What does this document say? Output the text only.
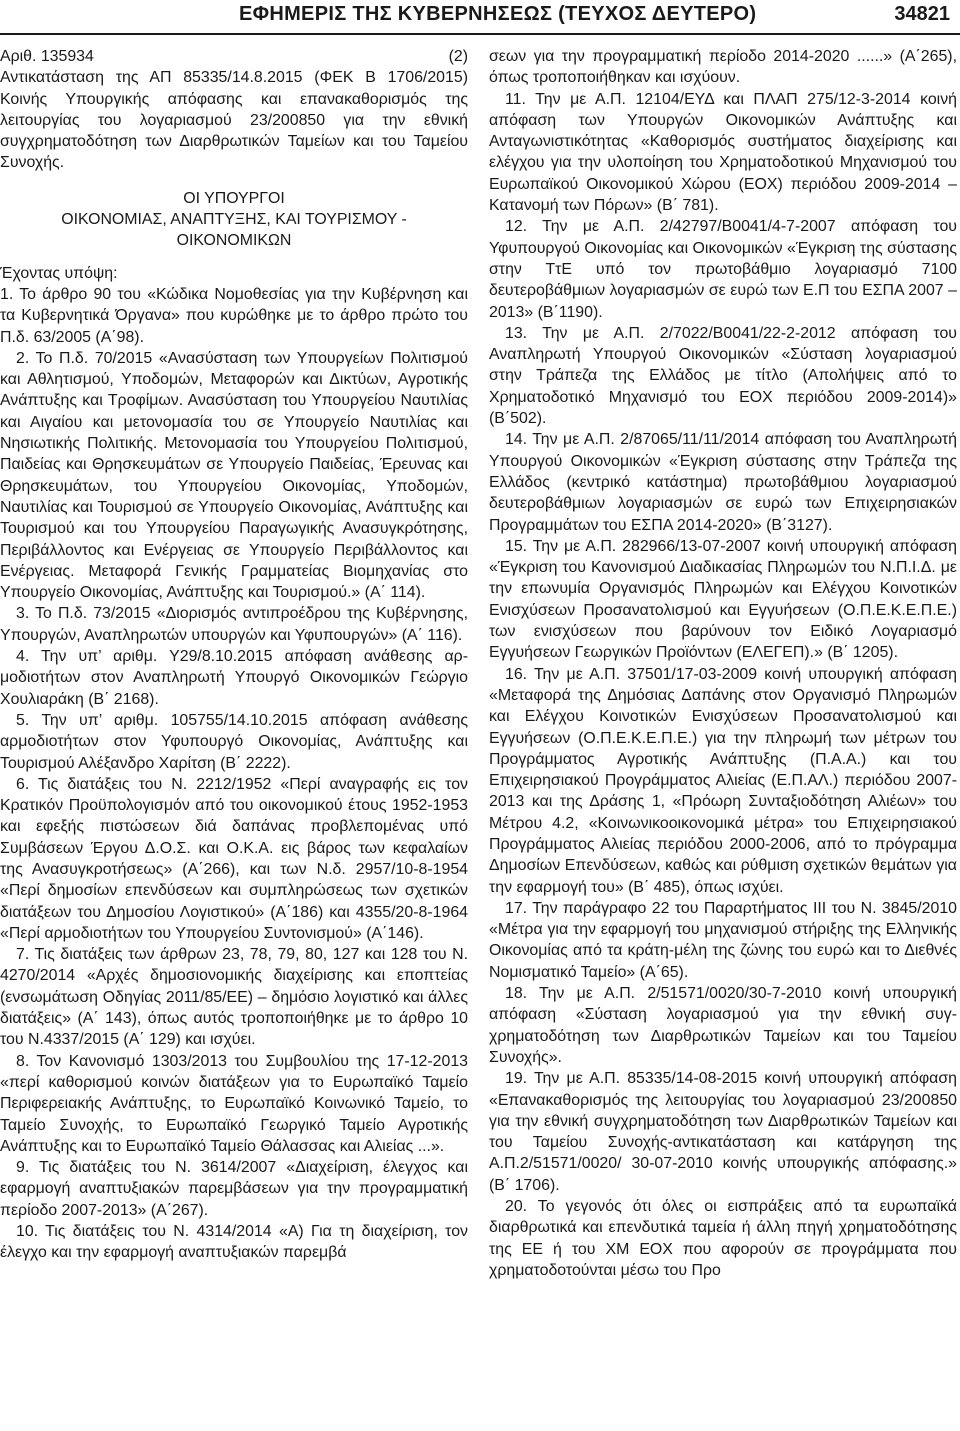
ΕΦΗΜΕΡΙΣ ΤΗΣ ΚΥΒΕΡΝΗΣΕΩΣ (ΤΕΥΧΟΣ ΔΕΥΤΕΡΟ)	34821
Αριθ. 135934	(2)

Αντικατάσταση της ΑΠ 85335/14.8.2015 (ΦΕΚ Β 1706/2015) Κοινής Υπουργικής απόφασης και επανακαθορισμός της λειτουργίας του λογαριασμού 23/200850 για την εθνική συγχρηματοδότηση των Διαρθρωτικών Ταμείων και του Ταμείου Συνοχής.

ΟΙ ΥΠΟΥΡΓΟΙ
ΟΙΚΟΝΟΜΙΑΣ, ΑΝΑΠΤΥΞΗΣ, ΚΑΙ ΤΟΥΡΙΣΜΟΥ -
ΟΙΚΟΝΟΜΙΚΩΝ

Έχοντας υπόψη:

1. Το άρθρο 90 του «Κώδικα Νομοθεσίας για την Κυβέρνηση και τα Κυβερνητικά Όργανα» που κυρώθηκε με το άρθρο πρώτο του Π.δ. 63/2005 (Α΄98).

2. Το Π.δ. 70/2015 «Ανασύσταση των Υπουργείων Πολιτισμού και Αθλητισμού, Υποδομών, Μεταφορών και Δικτύων, Αγροτικής Ανάπτυξης και Τροφίμων. Ανασύσταση του Υπουργείου Ναυτιλίας και Αιγαίου και μετονομασία του σε Υπουργείο Ναυτιλίας και Νησιωτικής Πολιτικής. Μετονομασία του Υπουργείου Πολιτισμού, Παιδείας και Θρησκευμάτων σε Υπουργείο Παιδείας, Έρευνας και Θρησκευμάτων, του Υπουργείου Οικονομίας, Υποδομών, Ναυτιλίας και Τουρισμού σε Υπουργείο Οικονομίας, Ανάπτυξης και Τουρισμού και του Υπουργείου Παραγωγικής Ανασυγκρότησης, Περιβάλλοντος και Ενέργειας σε Υπουργείο Περιβάλλοντος και Ενέργειας. Μεταφορά Γενικής Γραμματείας Βιομηχανίας στο Υπουργείο Οικονομίας, Ανάπτυξης και Τουρισμού.» (Α΄ 114).

3. Το Π.δ. 73/2015 «Διορισμός αντιπροέδρου της Κυβέρνησης, Υπουργών, Αναπληρωτών υπουργών και Υφυπουργών» (Α΄ 116).

4. Την υπ’ αριθμ. Υ29/8.10.2015 απόφαση ανάθεσης αρμοδιοτήτων στον Αναπληρωτή Υπουργό Οικονομικών Γεώργιο Χουλιαράκη (Β΄ 2168).

5. Την υπ’ αριθμ. 105755/14.10.2015 απόφαση ανάθεσης αρμοδιοτήτων στον Υφυπουργό Οικονομίας, Ανάπτυξης και Τουρισμού Αλέξανδρο Χαρίτση (Β΄ 2222).

6. Τις διατάξεις του Ν. 2212/1952 «Περί αναγραφής εις τον Κρατικόν Προϋπολογισμόν από του οικονομικού έτους 1952-1953 και εφεξής πιστώσεων διά δαπάνας προβλεπομένας υπό Συμβάσεων Έργου Δ.Ο.Σ. και Ο.Κ.Α. εις βάρος των κεφαλαίων της Ανασυγκροτήσεως» (Α΄266), και των Ν.δ. 2957/10-8-1954 «Περί δημοσίων επενδύσεων και συμπληρώσεως των σχετικών διατάξεων του Δημοσίου Λογιστικού» (Α΄186) και 4355/20-8-1964 «Περί αρμοδιοτήτων του Υπουργείου Συντονισμού» (Α΄146).

7. Τις διατάξεις των άρθρων 23, 78, 79, 80, 127 και 128 του Ν. 4270/2014 «Αρχές δημοσιονομικής διαχείρισης και εποπτείας (ενσωμάτωση Οδηγίας 2011/85/ΕΕ) – δημόσιο λογιστικό και άλλες διατάξεις» (Α΄ 143), όπως αυτός τροποποιήθηκε με το άρθρο 10 του Ν.4337/2015 (Α΄ 129) και ισχύει.

8. Τον Κανονισμό 1303/2013 του Συμβουλίου της 17-12-2013 «περί καθορισμού κοινών διατάξεων για το Ευρωπαϊκό Ταμείο Περιφερειακής Ανάπτυξης, το Ευρωπαϊκό Κοινωνικό Ταμείο, το Ταμείο Συνοχής, το Ευρωπαϊκό Γεωργικό Ταμείο Αγροτικής Ανάπτυξης και το Ευρωπαϊκό Ταμείο Θάλασσας και Αλιείας ...».

9. Τις διατάξεις του Ν. 3614/2007 «Διαχείριση, έλεγχος και εφαρμογή αναπτυξιακών παρεμβάσεων για την προγραμματική περίοδο 2007-2013» (Α΄267).

10. Τις διατάξεις του Ν. 4314/2014 «Α) Για τη διαχείριση, τον έλεγχο και την εφαρμογή αναπτυξιακών παρεμβά

σεων για την προγραμματική περίοδο 2014-2020 ......» (Α΄265), όπως τροποποιήθηκαν και ισχύουν.

11. Την με Α.Π. 12104/ΕΥΔ και ΠΛΑΠ 275/12-3-2014 κοινή απόφαση των Υπουργών Οικονομικών Ανάπτυξης και Ανταγωνιστικότητας «Καθορισμός συστήματος διαχείρισης και ελέγχου για την υλοποίηση του Χρηματοδοτικού Μηχανισμού του Ευρωπαϊκού Οικονομικού Χώρου (ΕΟΧ) περιόδου 2009-2014 – Κατανομή των Πόρων» (Β΄ 781).

12. Την με Α.Π. 2/42797/Β0041/4-7-2007 απόφαση του Υφυπουργού Οικονομίας και Οικονομικών «Έγκριση της σύστασης στην ΤτΕ υπό τον πρωτοβάθμιο λογαριασμό 7100 δευτεροβάθμιων λογαριασμών σε ευρώ των Ε.Π του ΕΣΠΑ 2007 – 2013» (Β΄1190).

13. Την με Α.Π. 2/7022/Β0041/22-2-2012 απόφαση του Αναπληρωτή Υπουργού Οικονομικών «Σύσταση λογαριασμού στην Τράπεζα της Ελλάδος με τίτλο (Απολήψεις από το Χρηματοδοτικό Μηχανισμό του ΕΟΧ περιόδου 2009-2014)» (Β΄502).

14. Την με Α.Π. 2/87065/11/11/2014 απόφαση του Αναπληρωτή Υπουργού Οικονομικών «Έγκριση σύστασης στην Τράπεζα της Ελλάδος (κεντρικό κατάστημα) πρωτοβάθμιου λογαριασμού δευτεροβάθμιων λογαριασμών σε ευρώ των Επιχειρησιακών Προγραμμάτων του ΕΣΠΑ 2014-2020» (Β΄3127).

15. Την με Α.Π. 282966/13-07-2007 κοινή υπουργική απόφαση «Έγκριση του Κανονισμού Διαδικασίας Πληρωμών του Ν.Π.Ι.Δ. με την επωνυμία Οργανισμός Πληρωμών και Ελέγχου Κοινοτικών Ενισχύσεων Προσανατολισμού και Εγγυήσεων (Ο.Π.Ε.Κ.Ε.Π.Ε.) των ενισχύσεων που βαρύνουν τον Ειδικό Λογαριασμό Εγγυήσεων Γεωργικών Προϊόντων (ΕΛΕΓΕΠ).» (Β΄ 1205).

16. Την με Α.Π. 37501/17-03-2009 κοινή υπουργική απόφαση «Μεταφορά της Δημόσιας Δαπάνης στον Οργανισμό Πληρωμών και Ελέγχου Κοινοτικών Ενισχύσεων Προσανατολισμού και Εγγυήσεων (Ο.Π.Ε.Κ.Ε.Π.Ε.) για την πληρωμή των μέτρων του Προγράμματος Αγροτικής Ανάπτυξης (Π.Α.Α.) και του Επιχειρησιακού Προγράμματος Αλιείας (Ε.Π.ΑΛ.) περιόδου 2007-2013 και της Δράσης 1, «Πρόωρη Συνταξιοδότηση Αλιέων» του Μέτρου 4.2, «Κοινωνικοοικονομικά μέτρα» του Επιχειρησιακού Προγράμματος Αλιείας περιόδου 2000-2006, από το πρόγραμμα Δημοσίων Επενδύσεων, καθώς και ρύθμιση σχετικών θεμάτων για την εφαρμογή του» (Β΄ 485), όπως ισχύει.

17. Την παράγραφο 22 του Παραρτήματος ΙΙΙ του Ν. 3845/2010 «Μέτρα για την εφαρμογή του μηχανισμού στήριξης της Ελληνικής Οικονομίας από τα κράτη-μέλη της ζώνης του ευρώ και το Διεθνές Νομισματικό Ταμείο» (Α΄65).

18. Την με Α.Π. 2/51571/0020/30-7-2010 κοινή υπουργική απόφαση «Σύσταση λογαριασμού για την εθνική συγχρηματοδότηση των Διαρθρωτικών Ταμείων και του Ταμείου Συνοχής».

19. Την με Α.Π. 85335/14-08-2015 κοινή υπουργική απόφαση «Επανακαθορισμός της λειτουργίας του λογαριασμού 23/200850 για την εθνική συγχρηματοδότηση των Διαρθρωτικών Ταμείων και του Ταμείου Συνοχής-αντικατάσταση και κατάργηση της Α.Π.2/51571/0020/ 30-07-2010 κοινής υπουργικής απόφασης.» (Β΄ 1706).

20. Το γεγονός ότι όλες οι εισπράξεις από τα ευρωπαϊκά διαρθρωτικά και επενδυτικά ταμεία ή άλλη πηγή χρηματοδότησης της ΕΕ ή του ΧΜ ΕΟΧ που αφορούν σε προγράμματα που χρηματοδοτούνται μέσω του Προ
